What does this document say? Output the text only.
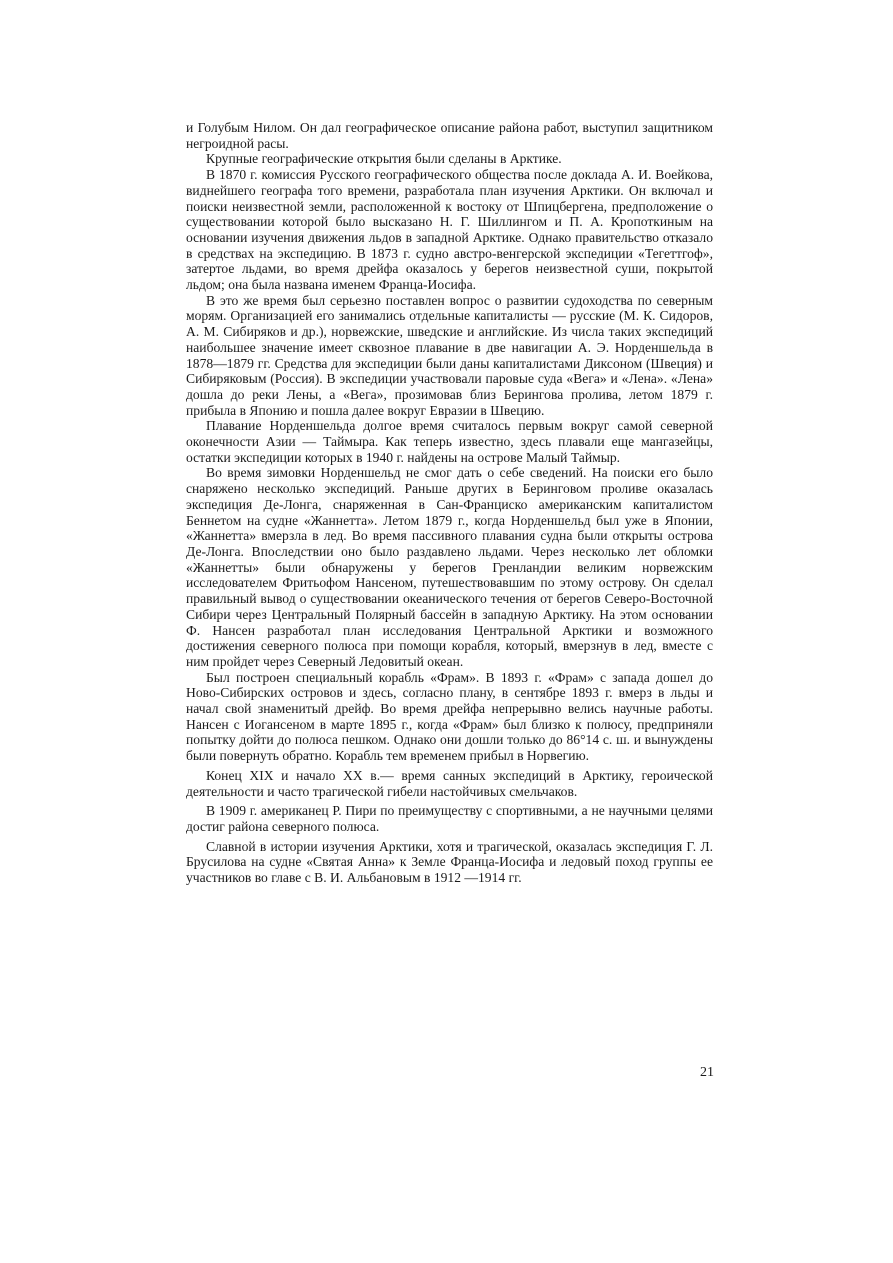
и Голубым Нилом. Он дал географическое описание района работ, выступил защитником негроидной расы.

Крупные географические открытия были сделаны в Арктике.

В 1870 г. комиссия Русского географического общества после доклада А. И. Воейкова, виднейшего географа того времени, разработала план изучения Арктики. Он включал и поиски неизвестной земли, расположенной к востоку от Шпицбергена, предположение о существовании которой было высказано Н. Г. Шиллингом и П. А. Кропоткиным на основании изучения движения льдов в западной Арктике. Однако правительство отказало в средствах на экспедицию. В 1873 г. судно австро-венгерской экспедиции «Тегеттгоф», затертое льдами, во время дрейфа оказалось у берегов неизвестной суши, покрытой льдом; она была названа именем Франца-Иосифа.

В это же время был серьезно поставлен вопрос о развитии судоходства по северным морям. Организацией его занимались отдельные капиталисты — русские (М. К. Сидоров, А. М. Сибиряков и др.), норвежские, шведские и английские. Из числа таких экспедиций наибольшее значение имеет сквозное плавание в две навигации А. Э. Норденшельда в 1878—1879 гг. Средства для экспедиции были даны капиталистами Диксоном (Швеция) и Сибиряковым (Россия). В экспедиции участвовали паровые суда «Вега» и «Лена». «Лена» дошла до реки Лены, а «Вега», прозимовав близ Берингова пролива, летом 1879 г. прибыла в Японию и пошла далее вокруг Евразии в Швецию.

Плавание Норденшельда долгое время считалось первым вокруг самой северной оконечности Азии — Таймыра. Как теперь известно, здесь плавали еще мангазейцы, остатки экспедиции которых в 1940 г. найдены на острове Малый Таймыр.

Во время зимовки Норденшельд не смог дать о себе сведений. На поиски его было снаряжено несколько экспедиций. Раньше других в Беринговом проливе оказалась экспедиция Де-Лонга, снаряженная в Сан-Франциско американским капиталистом Беннетом на судне «Жаннетта». Летом 1879 г., когда Норденшельд был уже в Японии, «Жаннетта» вмерзла в лед. Во время пассивного плавания судна были открыты острова Де-Лонга. Впоследствии оно было раздавлено льдами. Через несколько лет обломки «Жаннетты» были обнаружены у берегов Гренландии великим норвежским исследователем Фритьофом Нансеном, путешествовавшим по этому острову. Он сделал правильный вывод о существовании океанического течения от берегов Северо-Восточной Сибири через Центральный Полярный бассейн в западную Арктику. На этом основании Ф. Нансен разработал план исследования Центральной Арктики и возможного достижения северного полюса при помощи корабля, который, вмерзнув в лед, вместе с ним пройдет через Северный Ледовитый океан.

Был построен специальный корабль «Фрам». В 1893 г. «Фрам» с запада дошел до Ново-Сибирских островов и здесь, согласно плану, в сентябре 1893 г. вмерз в льды и начал свой знаменитый дрейф. Во время дрейфа непрерывно велись научные работы. Нансен с Иогансеном в марте 1895 г., когда «Фрам» был близко к полюсу, предприняли попытку дойти до полюса пешком. Однако они дошли только до 86°14 с. ш. и вынуждены были повернуть обратно. Корабль тем временем прибыл в Норвегию.

Конец XIX и начало XX в.— время санных экспедиций в Арктику, героической деятельности и часто трагической гибели настойчивых смельчаков.

В 1909 г. американец Р. Пири по преимуществу с спортивными, а не научными целями достиг района северного полюса.

Славной в истории изучения Арктики, хотя и трагической, оказалась экспедиция Г. Л. Брусилова на судне «Святая Анна» к Земле Франца-Иосифа и ледовый поход группы ее участников во главе с В. И. Альбановым в 1912 —1914 гг.

21
